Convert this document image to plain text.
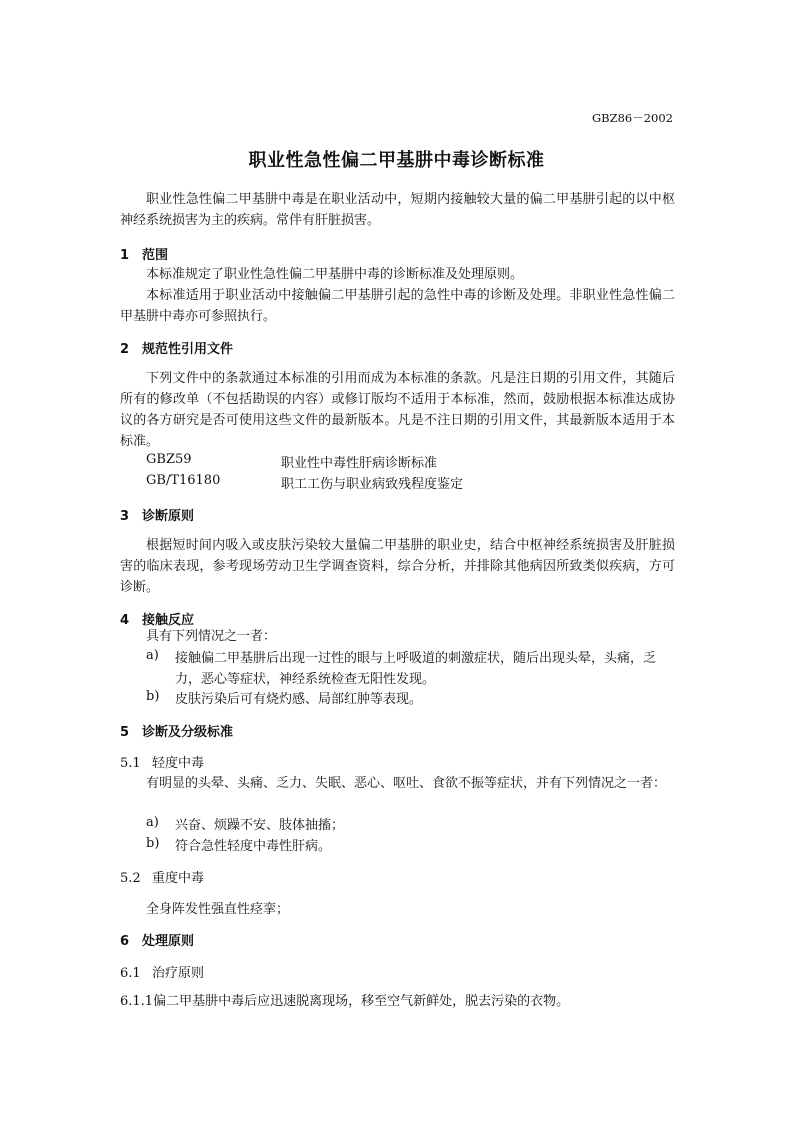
GBZ86－2002
职业性急性偏二甲基肼中毒诊断标准
职业性急性偏二甲基肼中毒是在职业活动中，短期内接触较大量的偏二甲基肼引起的以中枢神经系统损害为主的疾病。常伴有肝脏损害。
1 范围
本标准规定了职业性急性偏二甲基肼中毒的诊断标准及处理原则。
本标准适用于职业活动中接触偏二甲基肼引起的急性中毒的诊断及处理。非职业性急性偏二甲基肼中毒亦可参照执行。
2 规范性引用文件
下列文件中的条款通过本标准的引用而成为本标准的条款。凡是注日期的引用文件，其随后所有的修改单（不包括勘误的内容）或修订版均不适用于本标准，然而，鼓励根据本标准达成协议的各方研究是否可使用这些文件的最新版本。凡是不注日期的引用文件，其最新版本适用于本标准。
GBZ59	职业性中毒性肝病诊断标准
GB/T16180	职工工伤与职业病致残程度鉴定
3 诊断原则
根据短时间内吸入或皮肤污染较大量偏二甲基肼的职业史，结合中枢神经系统损害及肝脏损害的临床表现，参考现场劳动卫生学调查资料，综合分析，并排除其他病因所致类似疾病，方可诊断。
4 接触反应
具有下列情况之一者：
a) 接触偏二甲基肼后出现一过性的眼与上呼吸道的刺激症状，随后出现头晕，头痛，乏力，恶心等症状，神经系统检查无阳性发现。
b) 皮肤污染后可有烧灼感、局部红肿等表现。
5 诊断及分级标准
5.1 轻度中毒
有明显的头晕、头痛、乏力、失眠、恶心、呕吐、食欲不振等症状，并有下列情况之一者：
a) 兴奋、烦躁不安、肢体抽搐；
b) 符合急性轻度中毒性肝病。
5.2 重度中毒
全身阵发性强直性痉挛；
6 处理原则
6.1 治疗原则
6.1.1偏二甲基肼中毒后应迅速脱离现场，移至空气新鲜处，脱去污染的衣物。
